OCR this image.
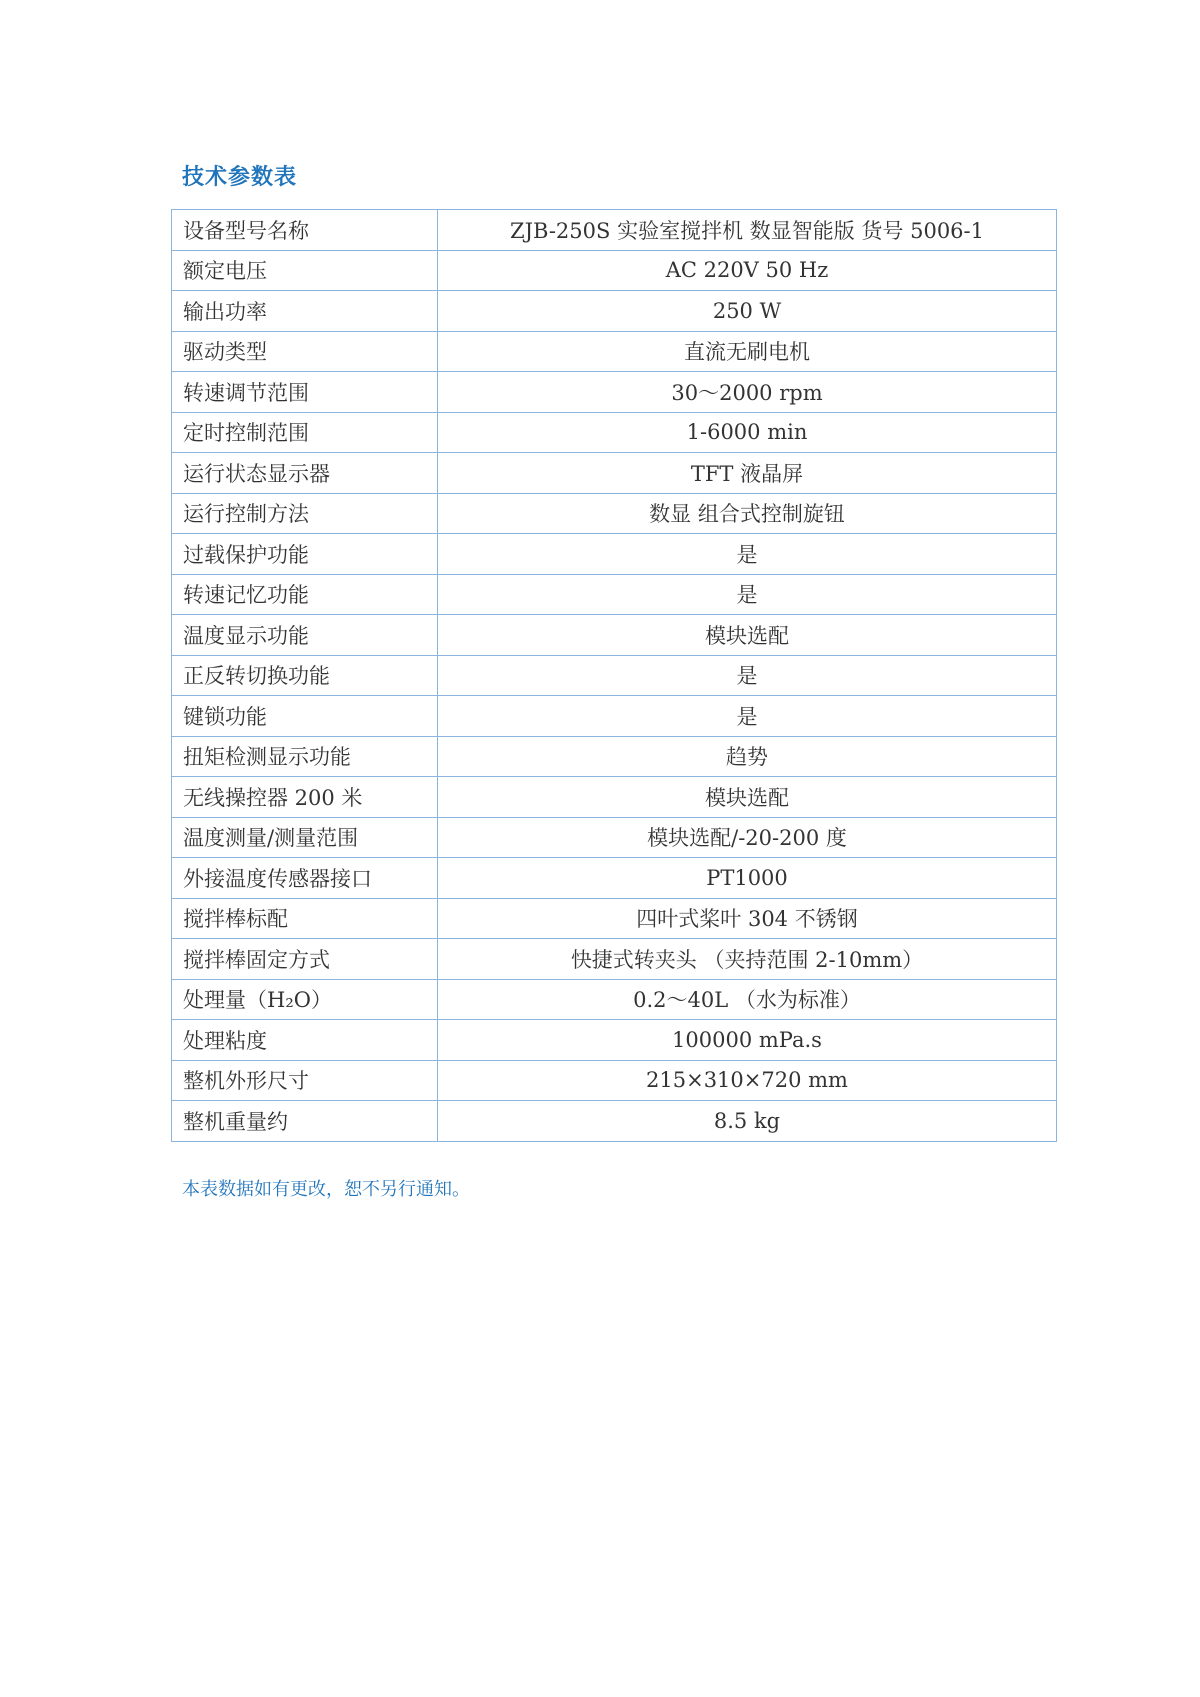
技术参数表
设备型号名称	ZJB-250S 实验室搅拌机 数显智能版 货号 5006-1
额定电压	AC 220V 50 Hz
输出功率	250 W
驱动类型	直流无刷电机
转速调节范围	30～2000 rpm
定时控制范围	1-6000 min
运行状态显示器	TFT 液晶屏
运行控制方法	数显 组合式控制旋钮
过载保护功能	是
转速记忆功能	是
温度显示功能	模块选配
正反转切换功能	是
键锁功能	是
扭矩检测显示功能	趋势
无线操控器 200 米	模块选配
温度测量/测量范围	模块选配/-20-200 度
外接温度传感器接口	PT1000
搅拌棒标配	四叶式桨叶 304 不锈钢
搅拌棒固定方式	快捷式转夹头 （夹持范围 2-10mm）
处理量（H₂O）	0.2～40L （水为标准）
处理粘度	100000 mPa.s
整机外形尺寸	215×310×720 mm
整机重量约	8.5 kg
本表数据如有更改，恕不另行通知。
